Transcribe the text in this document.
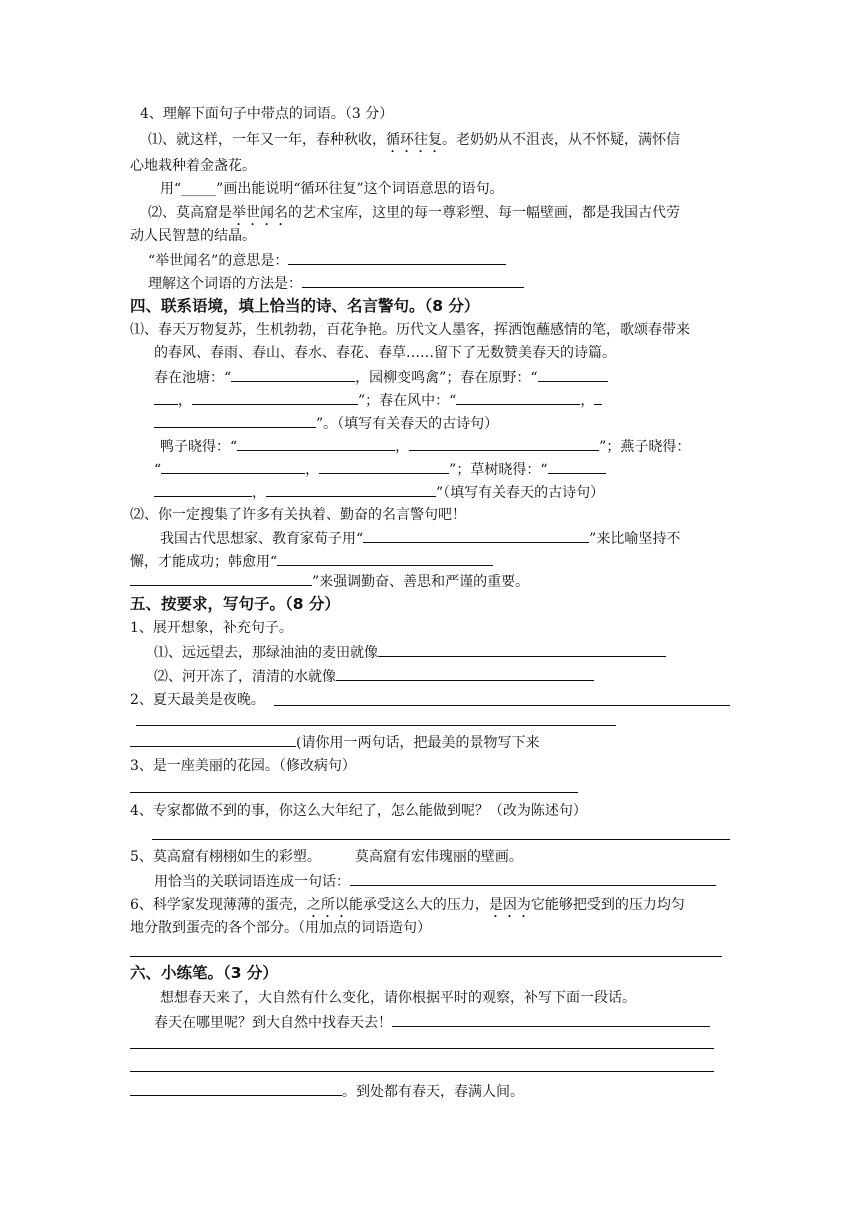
4、理解下面句子中带点的词语。（3 分）
⑴、就这样，一年又一年，春种秋收，循环往复。老奶奶从不沮丧，从不怀疑，满怀信
心地栽种着金盏花。
用“_____”画出能说明“循环往复”这个词语意思的语句。
⑵、莫高窟是举世闻名的艺术宝库，这里的每一尊彩塑、每一幅壁画，都是我国古代劳
动人民智慧的结晶。
“举世闻名”的意思是：
理解这个词语的方法是：
四、联系语境，填上恰当的诗、名言警句。（8 分）
⑴、春天万物复苏，生机勃勃，百花争艳。历代文人墨客，挥洒饱蘸感情的笔，歌颂春带来
的春风、春雨、春山、春水、春花、春草……留下了无数赞美春天的诗篇。
春在池塘：“	，园柳变鸣禽”；春在原野：“
，	”；春在风中：“	，
”。（填写有关春天的古诗句）
鸭子晓得：“	，	”；燕子晓得：
“	，	”；草树晓得：“
，	”（填写有关春天的古诗句）
⑵、你一定搜集了许多有关执着、勤奋的名言警句吧！
我国古代思想家、教育家荀子用“	”来比喻坚持不
懈，才能成功；韩愈用“
”来强调勤奋、善思和严谨的重要。
五、按要求，写句子。（8 分）
1、展开想象，补充句子。
⑴、远远望去，那绿油油的麦田就像
⑵、河开冻了，清清的水就像
2、夏天最美是夜晚。
(请你用一两句话，把最美的景物写下来
3、是一座美丽的花园。（修改病句）
4、专家都做不到的事，你这么大年纪了，怎么能做到呢？（改为陈述句）
5、莫高窟有栩栩如生的彩塑。 莫高窟有宏伟瑰丽的壁画。
用恰当的关联词语连成一句话：
6、科学家发现薄薄的蛋壳，之所以能承受这么大的压力，是因为它能够把受到的压力均匀
地分散到蛋壳的各个部分。（用加点的词语造句）
六、小练笔。（3 分）
想想春天来了，大自然有什么变化，请你根据平时的观察，补写下面一段话。
春天在哪里呢？到大自然中找春天去！
。到处都有春天，春满人间。
